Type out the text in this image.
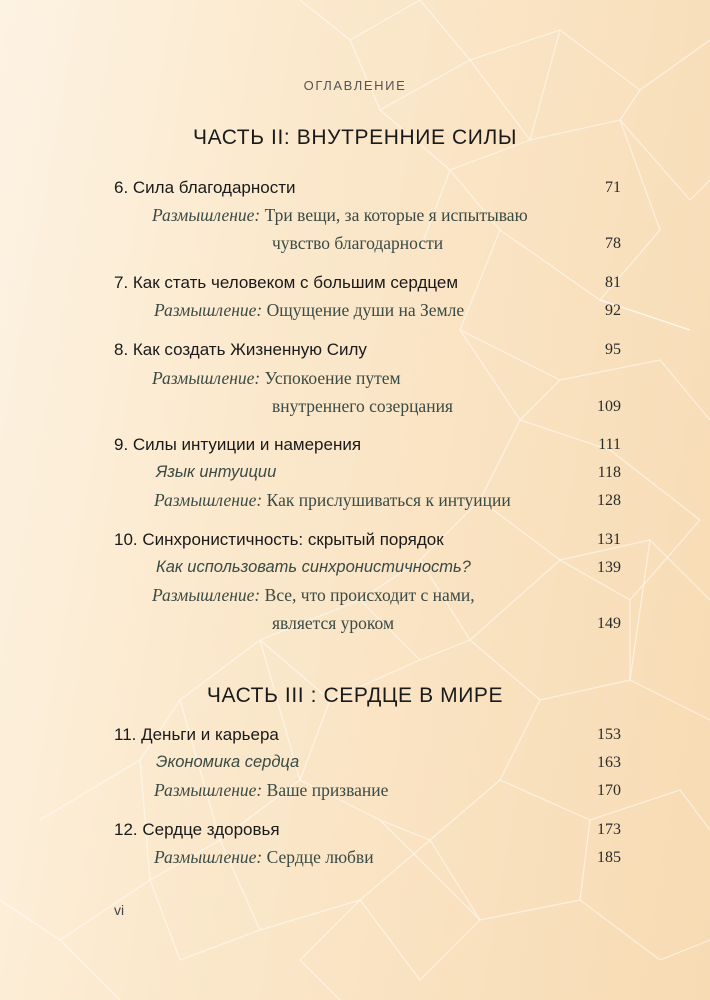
ОГЛАВЛЕНИЕ
ЧАСТЬ II: ВНУТРЕННИЕ СИЛЫ
6. Сила благодарности	71
Размышление: Три вещи, за которые я испытываю
чувство благодарности	78
7. Как стать человеком с большим сердцем	81
Размышление: Ощущение души на Земле	92
8. Как создать Жизненную Силу	95
Размышление: Успокоение путем
внутреннего созерцания	109
9. Силы интуиции и намерения	111
Язык интуиции	118
Размышление: Как прислушиваться к интуиции	128
10. Синхронистичность: скрытый порядок	131
Как использовать синхронистичность?	139
Размышление: Все, что происходит с нами,
является уроком	149
ЧАСТЬ III : СЕРДЦЕ В МИРЕ
11. Деньги и карьера	153
Экономика сердца	163
Размышление: Ваше призвание	170
12. Сердце здоровья	173
Размышление: Сердце любви	185
vi
